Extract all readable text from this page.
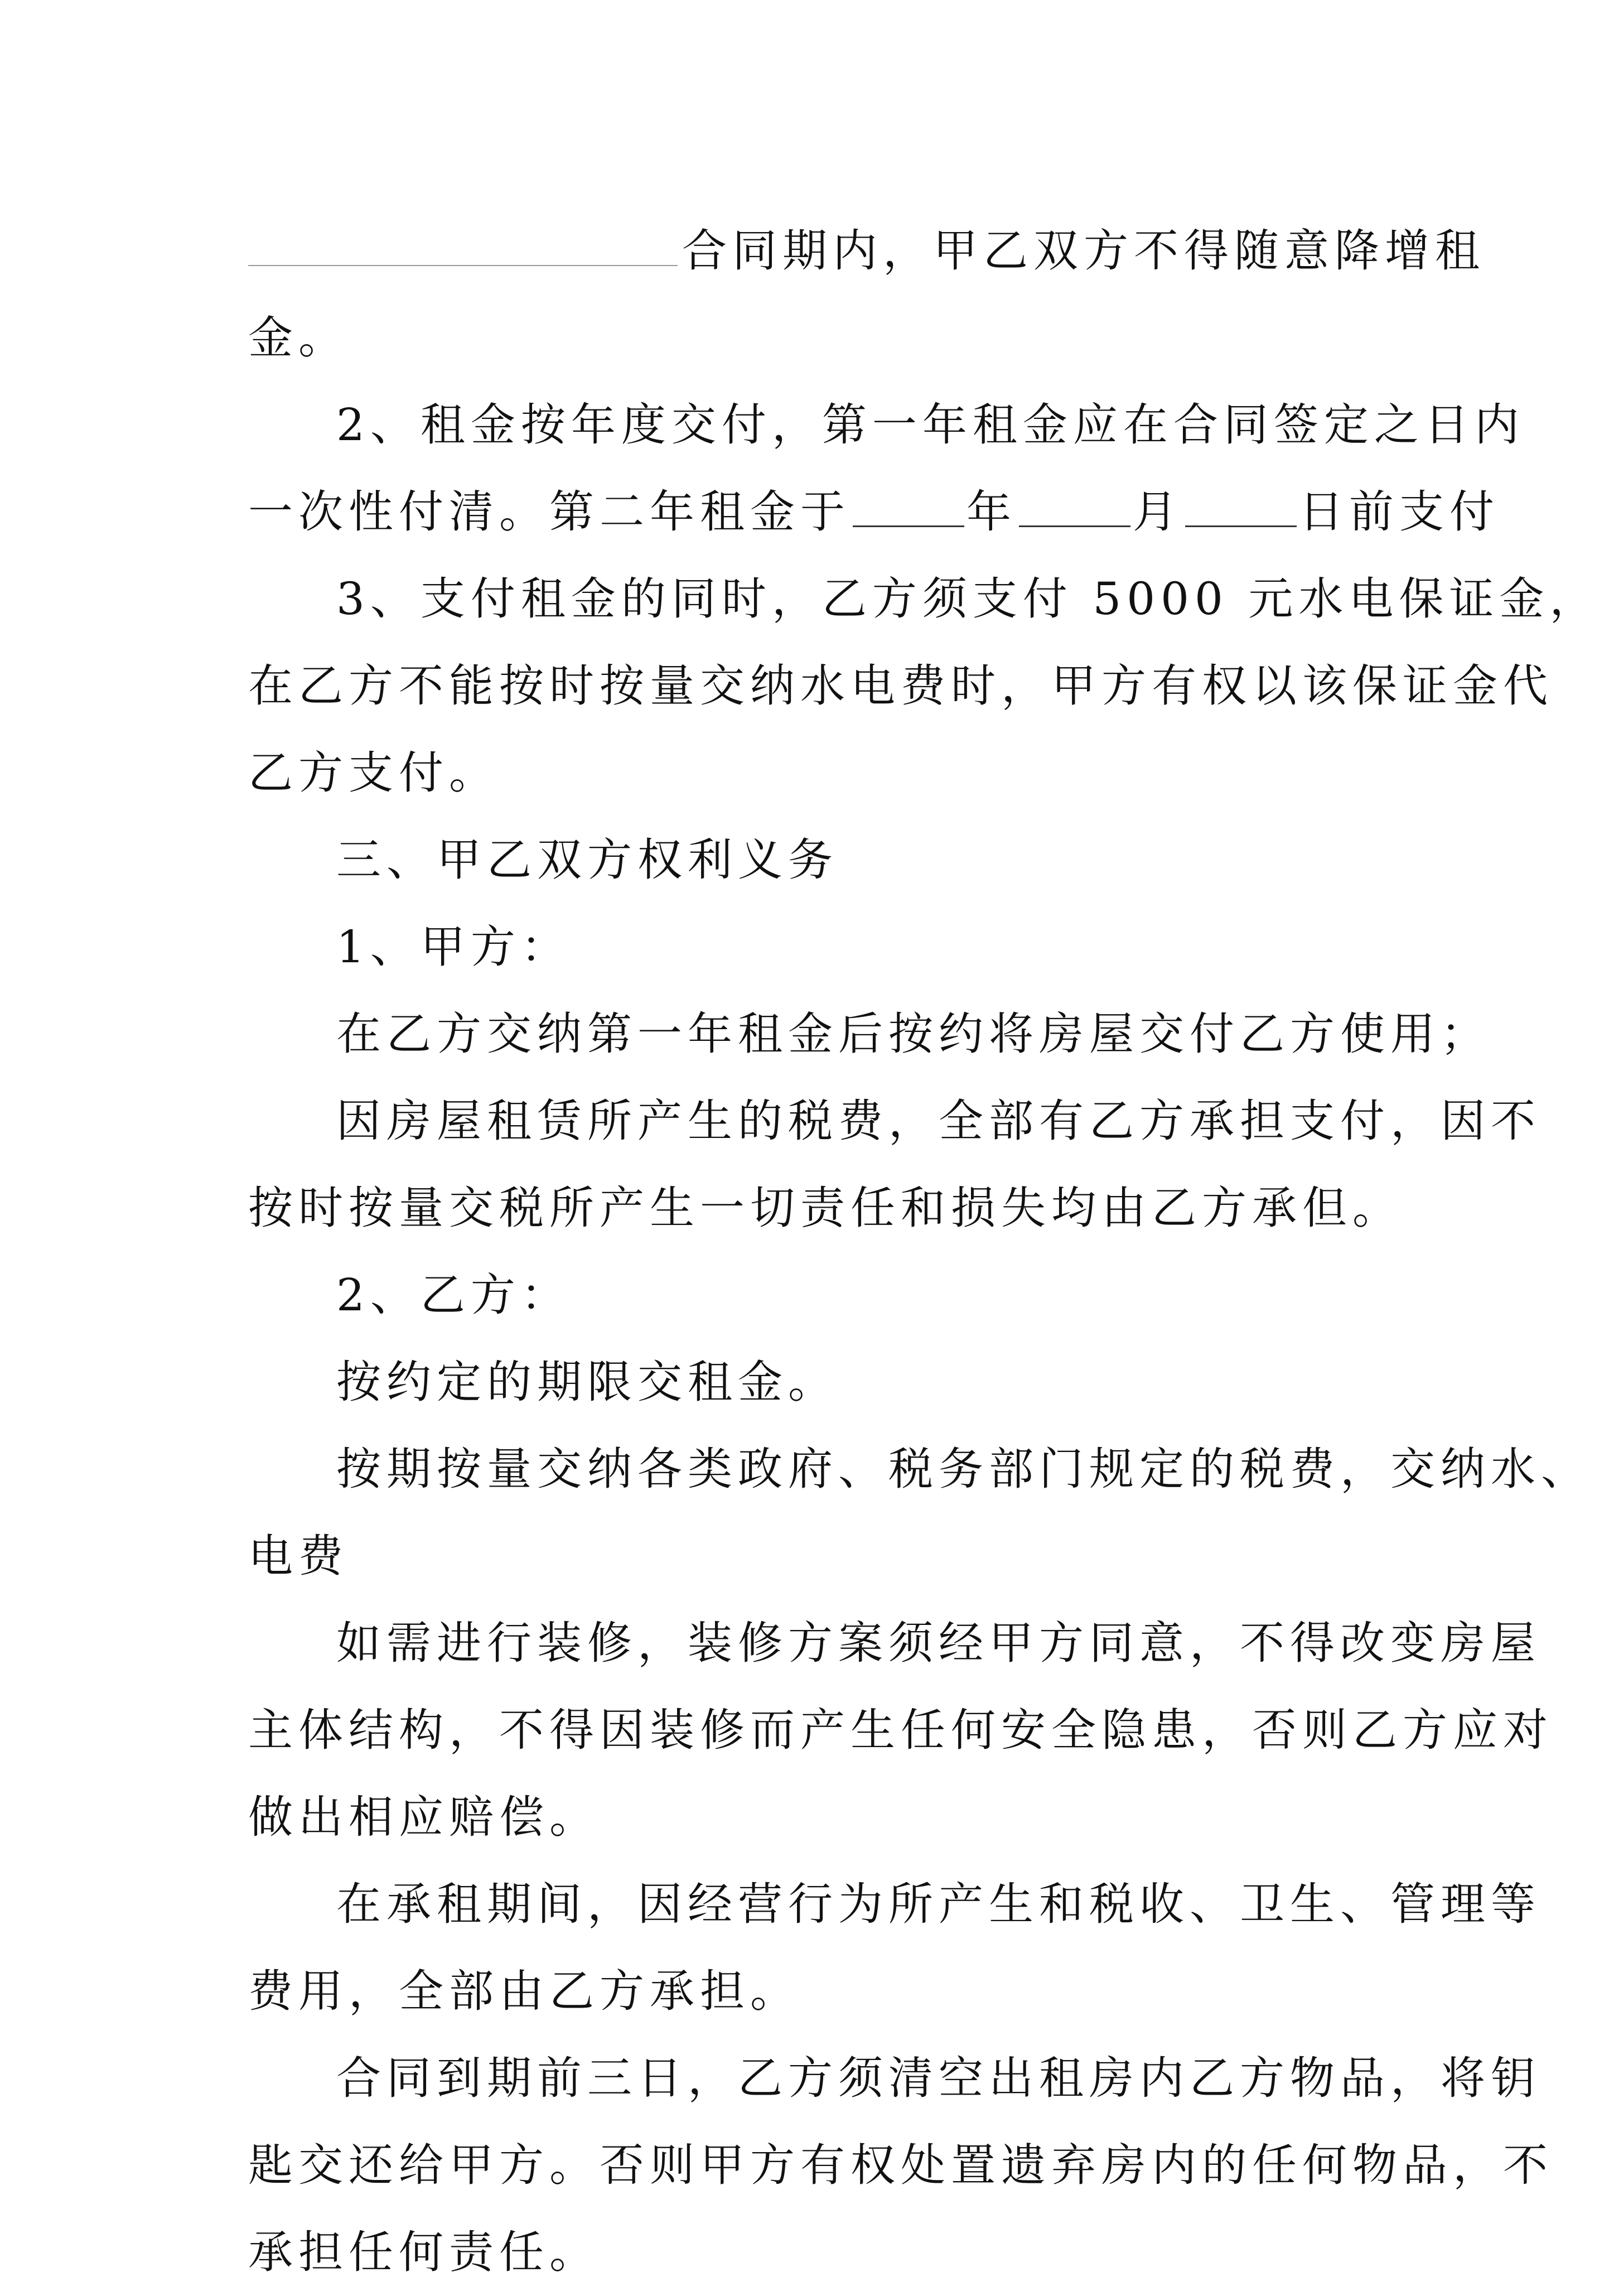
合同期内，甲乙双方不得随意降增租
金。
2、租金按年度交付，第一年租金应在合同签定之日内
一次性付清。第二年租金于	年	月	日前支付
3、支付租金的同时，乙方须支付 5000 元水电保证金，
在乙方不能按时按量交纳水电费时，甲方有权以该保证金代
乙方支付。
三、甲乙双方权利义务
1、甲方：
在乙方交纳第一年租金后按约将房屋交付乙方使用；
因房屋租赁所产生的税费，全部有乙方承担支付，因不
按时按量交税所产生一切责任和损失均由乙方承但。
2、乙方：
按约定的期限交租金。
按期按量交纳各类政府、税务部门规定的税费，交纳水、
电费
如需进行装修，装修方案须经甲方同意，不得改变房屋
主体结构，不得因装修而产生任何安全隐患，否则乙方应对
做出相应赔偿。
在承租期间，因经营行为所产生和税收、卫生、管理等
费用，全部由乙方承担。
合同到期前三日，乙方须清空出租房内乙方物品，将钥
匙交还给甲方。否则甲方有权处置遗弃房内的任何物品，不
承担任何责任。
